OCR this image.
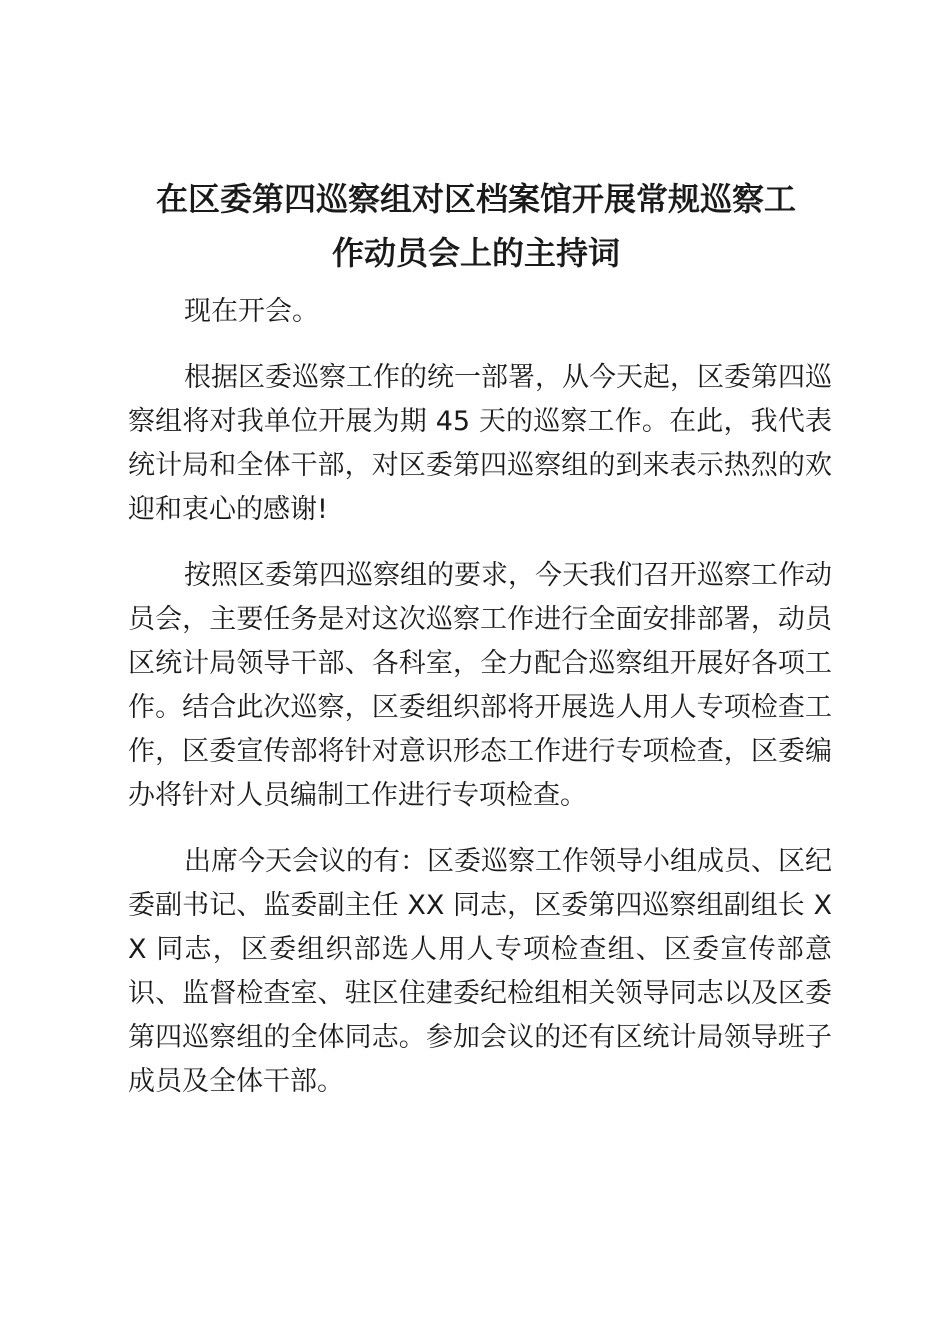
在区委第四巡察组对区档案馆开展常规巡察工
作动员会上的主持词

现在开会。

根据区委巡察工作的统一部署，从今天起，区委第四巡察组将对我单位开展为期 45 天的巡察工作。在此，我代表统计局和全体干部，对区委第四巡察组的到来表示热烈的欢迎和衷心的感谢!

按照区委第四巡察组的要求，今天我们召开巡察工作动员会，主要任务是对这次巡察工作进行全面安排部署，动员区统计局领导干部、各科室，全力配合巡察组开展好各项工作。结合此次巡察，区委组织部将开展选人用人专项检查工作，区委宣传部将针对意识形态工作进行专项检查，区委编办将针对人员编制工作进行专项检查。

出席今天会议的有：区委巡察工作领导小组成员、区纪委副书记、监委副主任 XX 同志，区委第四巡察组副组长 XX 同志，区委组织部选人用人专项检查组、区委宣传部意识、监督检查室、驻区住建委纪检组相关领导同志以及区委第四巡察组的全体同志。参加会议的还有区统计局领导班子成员及全体干部。
